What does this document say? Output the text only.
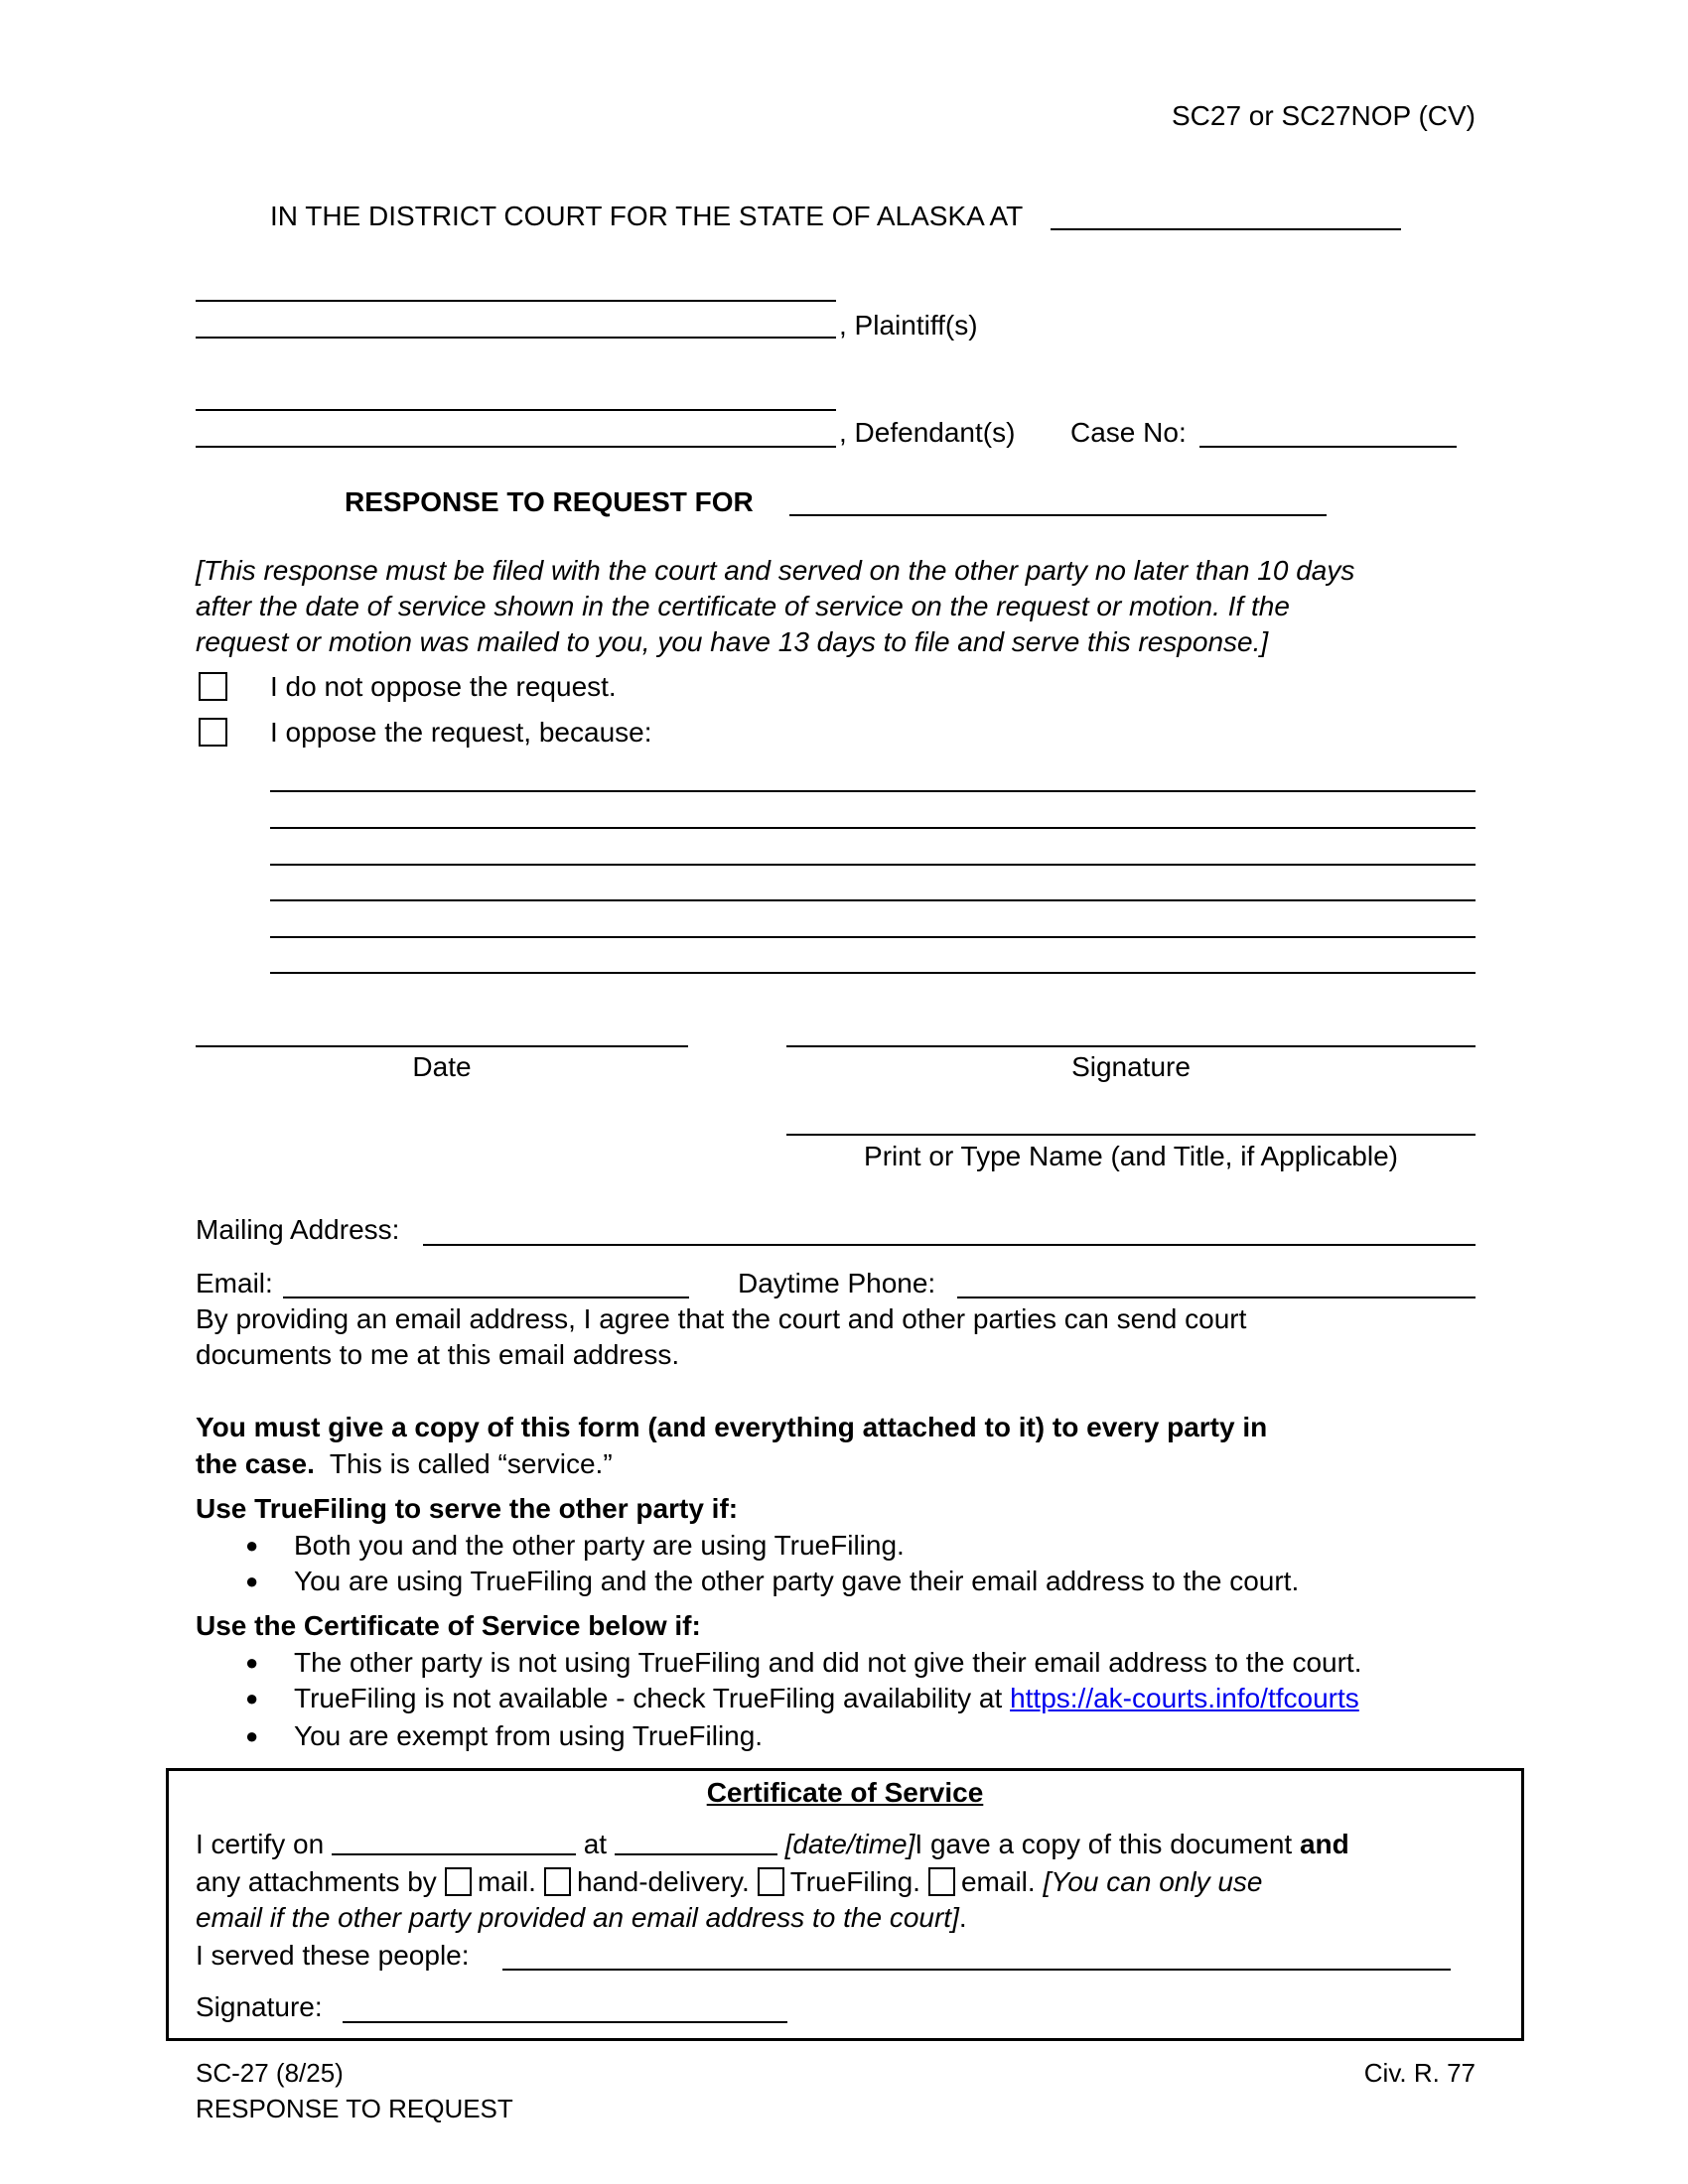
SC27 or SC27NOP (CV)
IN THE DISTRICT COURT FOR THE STATE OF ALASKA AT
, Plaintiff(s)
, Defendant(s) Case No:
RESPONSE TO REQUEST FOR
[This response must be filed with the court and served on the other party no later than 10 days
after the date of service shown in the certificate of service on the request or motion. If the
request or motion was mailed to you, you have 13 days to file and serve this response.]
I do not oppose the request.
I oppose the request, because:
Date	Signature
Print or Type Name (and Title, if Applicable)
Mailing Address:
Email:	Daytime Phone:
By providing an email address, I agree that the court and other parties can send court
documents to me at this email address.
You must give a copy of this form (and everything attached to it) to every party in
the case. This is called “service.”
Use TrueFiling to serve the other party if:
● Both you and the other party are using TrueFiling.
● You are using TrueFiling and the other party gave their email address to the court.
Use the Certificate of Service below if:
● The other party is not using TrueFiling and did not give their email address to the court.
● TrueFiling is not available - check TrueFiling availability at https://ak-courts.info/tfcourts
● You are exempt from using TrueFiling.
Certificate of Service
I certify on	at	[date/time]I gave a copy of this document and
any attachments by mail. hand-delivery. TrueFiling. email. [You can only use
email if the other party provided an email address to the court].
I served these people:
Signature:
SC-27 (8/25)
RESPONSE TO REQUEST
Civ. R. 77
